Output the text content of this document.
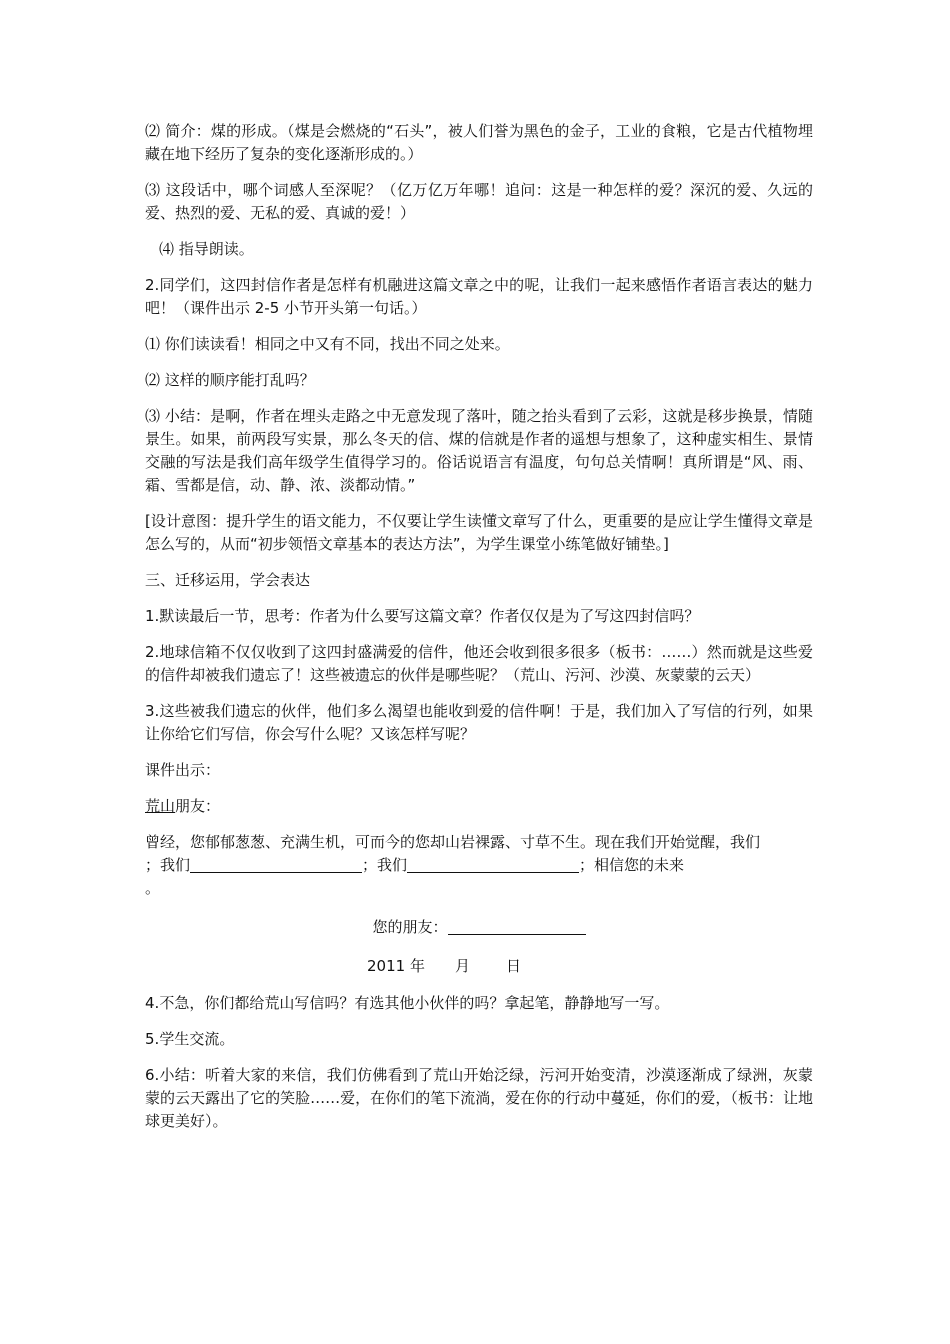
⑵ 简介：煤的形成。（煤是会燃烧的“石头”，被人们誉为黑色的金子，工业的食粮，它是古代植物埋藏在地下经历了复杂的变化逐渐形成的。）

⑶ 这段话中，哪个词感人至深呢？（亿万亿万年哪！追问：这是一种怎样的爱？深沉的爱、久远的爱、热烈的爱、无私的爱、真诚的爱！）

⑷ 指导朗读。

2.同学们，这四封信作者是怎样有机融进这篇文章之中的呢，让我们一起来感悟作者语言表达的魅力吧！（课件出示 2-5 小节开头第一句话。）

⑴ 你们读读看！相同之中又有不同，找出不同之处来。

⑵ 这样的顺序能打乱吗？

⑶ 小结：是啊，作者在埋头走路之中无意发现了落叶，随之抬头看到了云彩，这就是移步换景，情随景生。如果，前两段写实景，那么冬天的信、煤的信就是作者的遥想与想象了，这种虚实相生、景情交融的写法是我们高年级学生值得学习的。俗话说语言有温度，句句总关情啊！真所谓是“风、雨、霜、雪都是信，动、静、浓、淡都动情。”

[设计意图：提升学生的语文能力，不仅要让学生读懂文章写了什么，更重要的是应让学生懂得文章是怎么写的，从而“初步领悟文章基本的表达方法”，为学生课堂小练笔做好铺垫。]

三、迁移运用，学会表达

1.默读最后一节，思考：作者为什么要写这篇文章？作者仅仅是为了写这四封信吗？

2.地球信箱不仅仅收到了这四封盛满爱的信件，他还会收到很多很多（板书：……）然而就是这些爱的信件却被我们遗忘了！这些被遗忘的伙伴是哪些呢？（荒山、污河、沙漠、灰蒙蒙的云天）

3.这些被我们遗忘的伙伴，他们多么渴望也能收到爱的信件啊！于是，我们加入了写信的行列，如果让你给它们写信，你会写什么呢？又该怎样写呢？

课件出示：

荒山朋友：

曾经，您郁郁葱葱、充满生机，可而今的您却山岩裸露、寸草不生。现在我们开始觉醒，我们
；我们	；我们	；相信您的未来
。

您的朋友：

2011 年 月 日

4.不急，你们都给荒山写信吗？有选其他小伙伴的吗？拿起笔，静静地写一写。

5.学生交流。

6.小结：听着大家的来信，我们仿佛看到了荒山开始泛绿，污河开始变清，沙漠逐渐成了绿洲，灰蒙蒙的云天露出了它的笑脸……爱，在你们的笔下流淌，爱在你的行动中蔓延，你们的爱，（板书：让地球更美好）。
